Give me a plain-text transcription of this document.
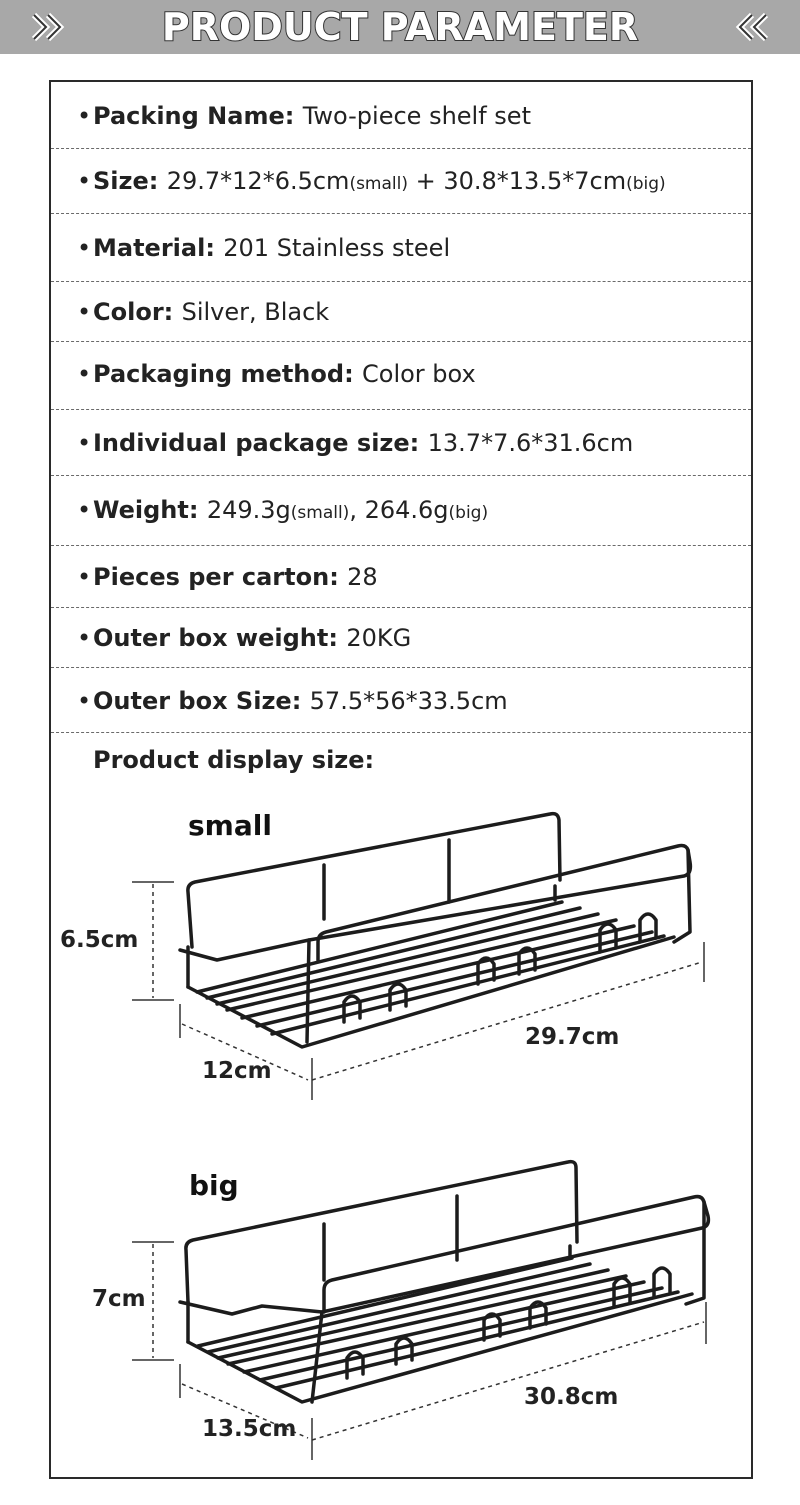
PRODUCT PARAMETER
•Packing Name: Two-piece shelf set
•Size: 29.7*12*6.5cm(small) + 30.8*13.5*7cm(big)
•Material: 201 Stainless steel
•Color: Silver, Black
•Packaging method: Color box
•Individual package size: 13.7*7.6*31.6cm
•Weight: 249.3g(small), 264.6g(big)
•Pieces per carton: 28
•Outer box weight: 20KG
•Outer box Size: 57.5*56*33.5cm
Product display size:
small
6.5cm
12cm
29.7cm
big
7cm
13.5cm
30.8cm
